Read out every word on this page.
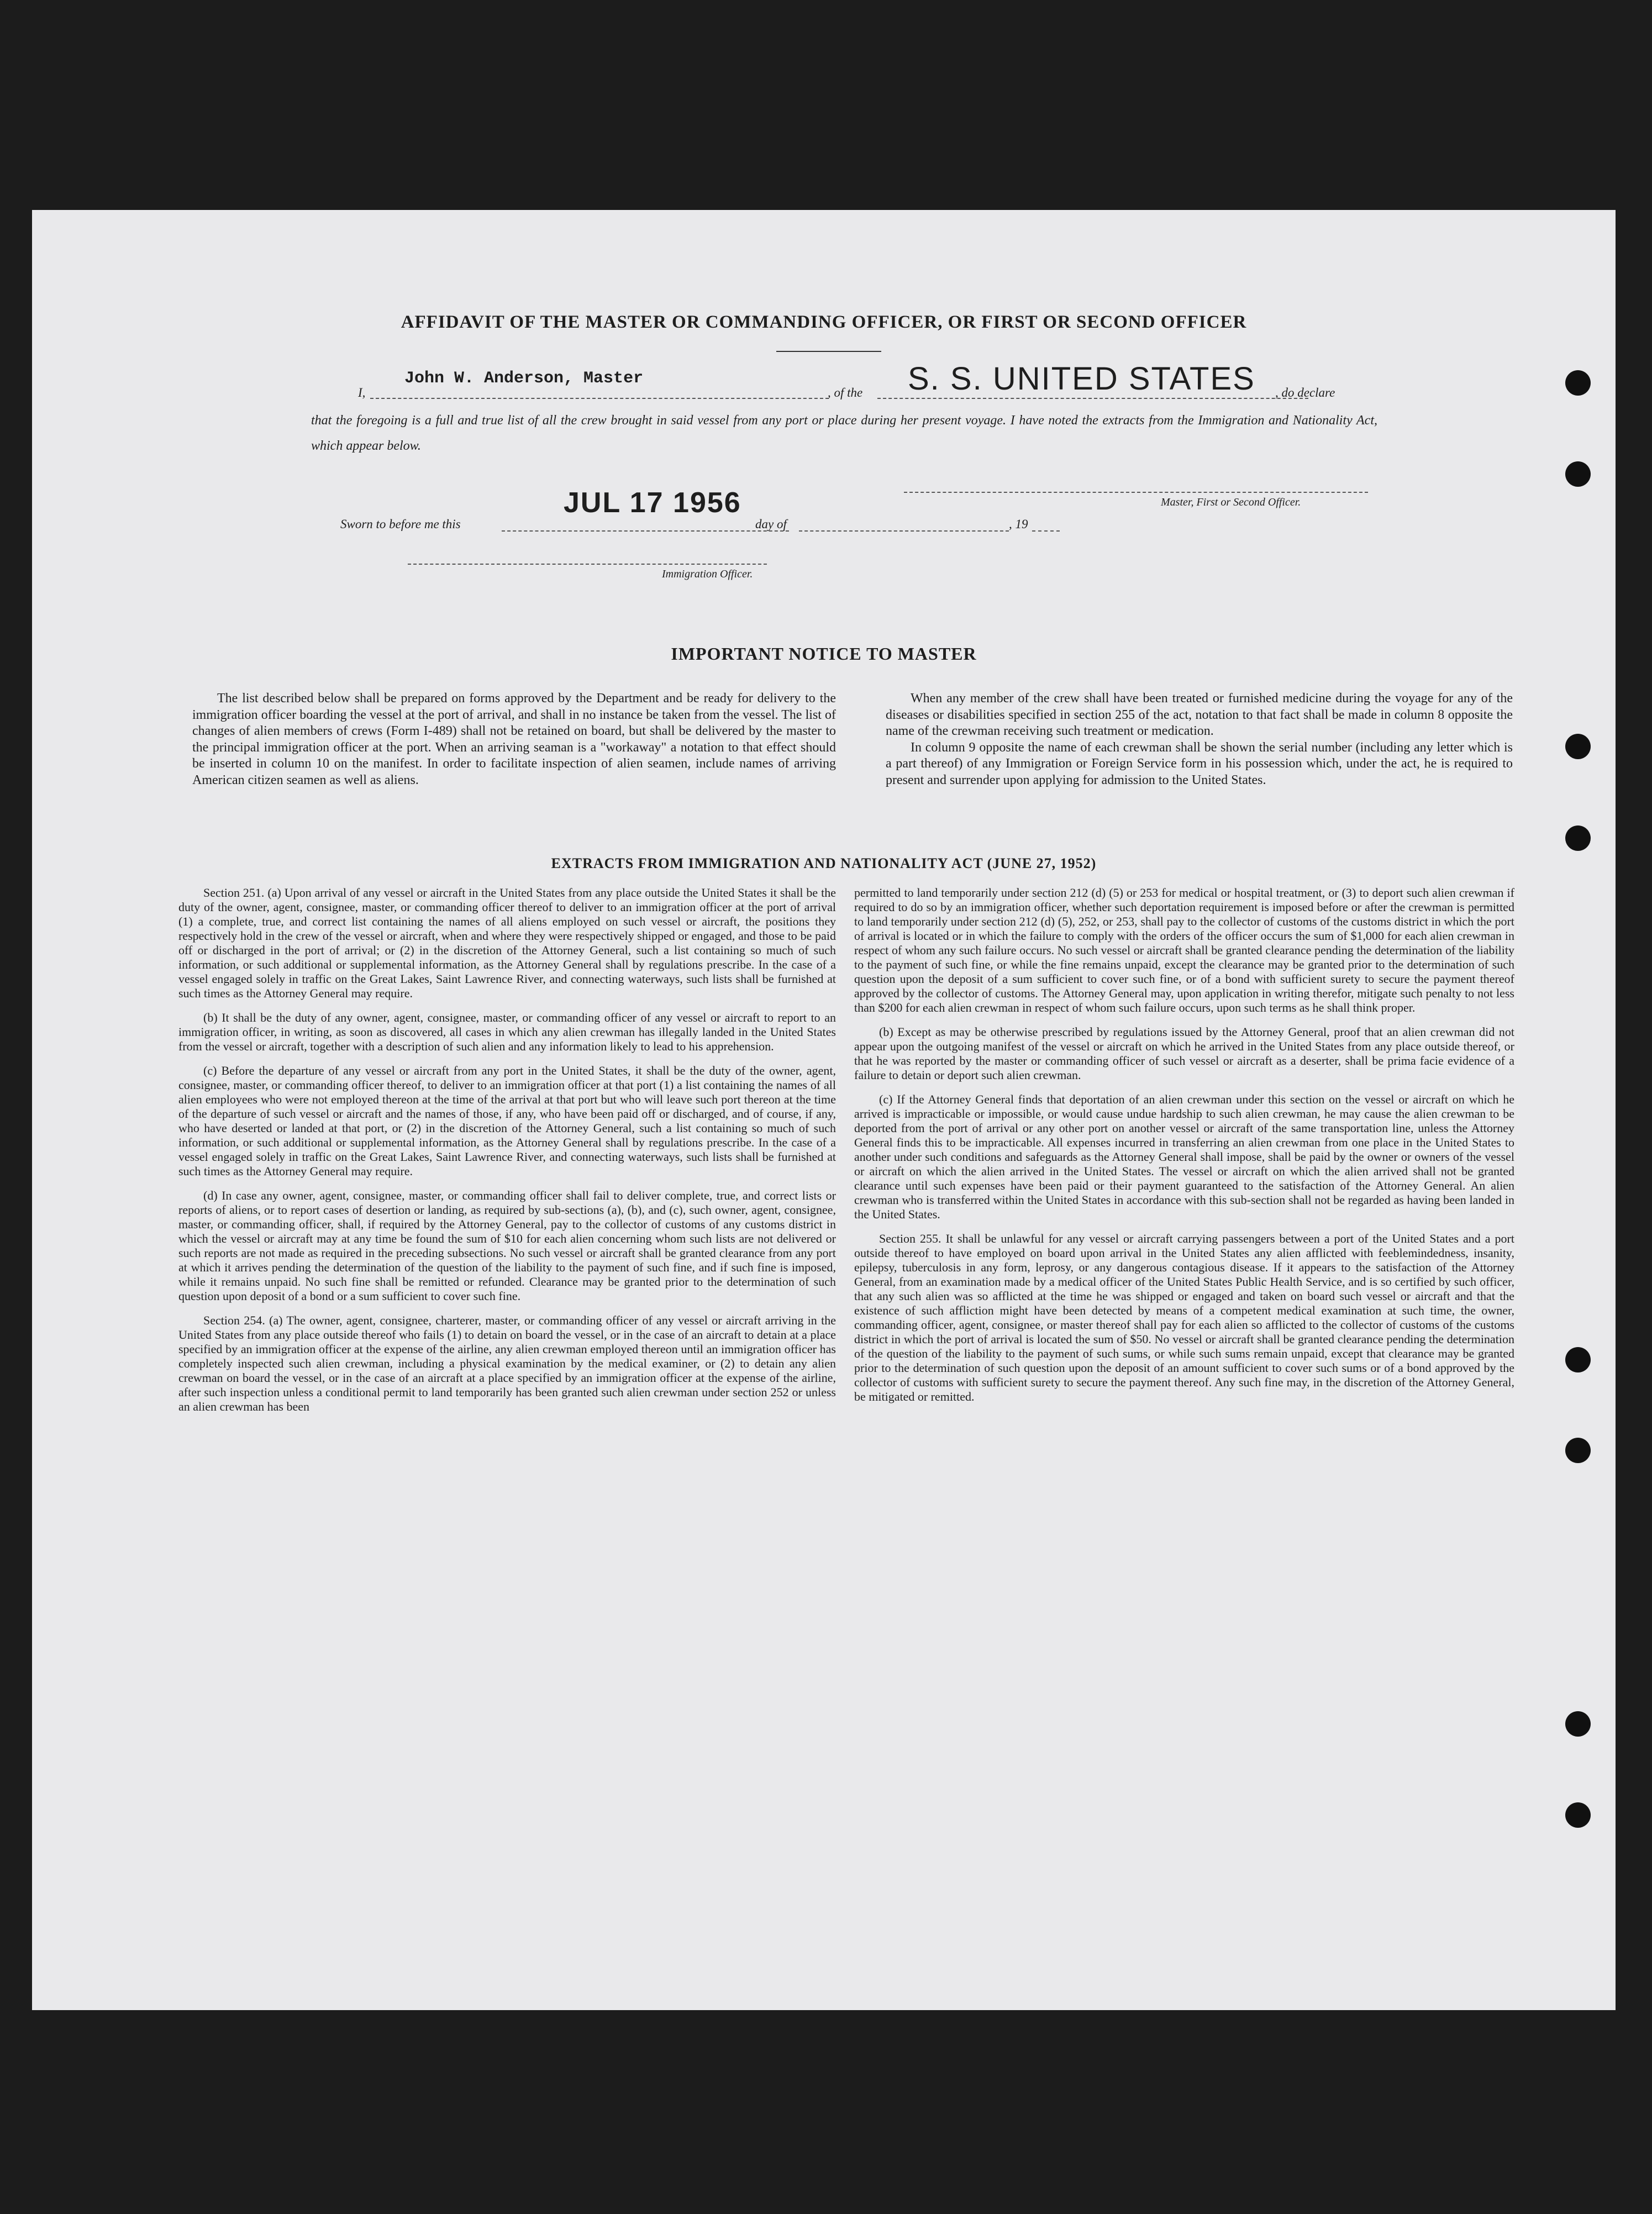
AFFIDAVIT OF THE MASTER OR COMMANDING OFFICER, OR FIRST OR SECOND OFFICER
I,
John W. Anderson, Master
, of the S. S. UNITED STATES , do declare
that the foregoing is a full and true list of all the crew brought in said vessel from any port or place during her present voyage. I have noted the extracts from the Immigration and Nationality Act, which appear below.
Master, First or Second Officer.
Sworn to before me this
JUL 17 1956
day of	, 19
Immigration Officer.
IMPORTANT NOTICE TO MASTER

The list described below shall be prepared on forms approved by the Department and be ready for delivery to the immigration officer boarding the vessel at the port of arrival, and shall in no instance be taken from the vessel. The list of changes of alien members of crews (Form I-489) shall not be retained on board, but shall be delivered by the master to the principal immigration officer at the port. When an arriving seaman is a "workaway" a notation to that effect should be inserted in column 10 on the manifest. In order to facilitate inspection of alien seamen, include names of arriving American citizen seamen as well as aliens.

When any member of the crew shall have been treated or furnished medicine during the voyage for any of the diseases or disabilities specified in section 255 of the act, notation to that fact shall be made in column 8 opposite the name of the crewman receiving such treatment or medication.

In column 9 opposite the name of each crewman shall be shown the serial number (including any letter which is a part thereof) of any Immigration or Foreign Service form in his possession which, under the act, he is required to present and surrender upon applying for admission to the United States.

EXTRACTS FROM IMMIGRATION AND NATIONALITY ACT (JUNE 27, 1952)

Section 251. (a) Upon arrival of any vessel or aircraft in the United States from any place outside the United States it shall be the duty of the owner, agent, consignee, master, or commanding officer thereof to deliver to an immigration officer at the port of arrival (1) a complete, true, and correct list containing the names of all aliens employed on such vessel or aircraft, the positions they respectively hold in the crew of the vessel or aircraft, when and where they were respectively shipped or engaged, and those to be paid off or discharged in the port of arrival; or (2) in the discretion of the Attorney General, such a list containing so much of such information, or such additional or supplemental information, as the Attorney General shall by regulations prescribe. In the case of a vessel engaged solely in traffic on the Great Lakes, Saint Lawrence River, and connecting waterways, such lists shall be furnished at such times as the Attorney General may require.

(b) It shall be the duty of any owner, agent, consignee, master, or commanding officer of any vessel or aircraft to report to an immigration officer, in writing, as soon as discovered, all cases in which any alien crewman has illegally landed in the United States from the vessel or aircraft, together with a description of such alien and any information likely to lead to his apprehension.

(c) Before the departure of any vessel or aircraft from any port in the United States, it shall be the duty of the owner, agent, consignee, master, or commanding officer thereof, to deliver to an immigration officer at that port (1) a list containing the names of all alien employees who were not employed thereon at the time of the arrival at that port but who will leave such port thereon at the time of the departure of such vessel or aircraft and the names of those, if any, who have been paid off or discharged, and of course, if any, who have deserted or landed at that port, or (2) in the discretion of the Attorney General, such a list containing so much of such information, or such additional or supplemental information, as the Attorney General shall by regulations prescribe. In the case of a vessel engaged solely in traffic on the Great Lakes, Saint Lawrence River, and connecting waterways, such lists shall be furnished at such times as the Attorney General may require.

(d) In case any owner, agent, consignee, master, or commanding officer shall fail to deliver complete, true, and correct lists or reports of aliens, or to report cases of desertion or landing, as required by sub-sections (a), (b), and (c), such owner, agent, consignee, master, or commanding officer, shall, if required by the Attorney General, pay to the collector of customs of any customs district in which the vessel or aircraft may at any time be found the sum of $10 for each alien concerning whom such lists are not delivered or such reports are not made as required in the preceding subsections. No such vessel or aircraft shall be granted clearance from any port at which it arrives pending the determination of the question of the liability to the payment of such fine, and if such fine is imposed, while it remains unpaid. No such fine shall be remitted or refunded. Clearance may be granted prior to the determination of such question upon deposit of a bond or a sum sufficient to cover such fine.

Section 254. (a) The owner, agent, consignee, charterer, master, or commanding officer of any vessel or aircraft arriving in the United States from any place outside thereof who fails (1) to detain on board the vessel, or in the case of an aircraft to detain at a place specified by an immigration officer at the expense of the airline, any alien crewman employed thereon until an immigration officer has completely inspected such alien crewman, including a physical examination by the medical examiner, or (2) to detain any alien crewman on board the vessel, or in the case of an aircraft at a place specified by an immigration officer at the expense of the airline, after such inspection unless a conditional permit to land temporarily has been granted such alien crewman under section 252 or unless an alien crewman has been

permitted to land temporarily under section 212 (d) (5) or 253 for medical or hospital treatment, or (3) to deport such alien crewman if required to do so by an immigration officer, whether such deportation requirement is imposed before or after the crewman is permitted to land temporarily under section 212 (d) (5), 252, or 253, shall pay to the collector of customs of the customs district in which the port of arrival is located or in which the failure to comply with the orders of the officer occurs the sum of $1,000 for each alien crewman in respect of whom any such failure occurs. No such vessel or aircraft shall be granted clearance pending the determination of the liability to the payment of such fine, or while the fine remains unpaid, except the clearance may be granted prior to the determination of such question upon the deposit of a sum sufficient to cover such fine, or of a bond with sufficient surety to secure the payment thereof approved by the collector of customs. The Attorney General may, upon application in writing therefor, mitigate such penalty to not less than $200 for each alien crewman in respect of whom such failure occurs, upon such terms as he shall think proper.

(b) Except as may be otherwise prescribed by regulations issued by the Attorney General, proof that an alien crewman did not appear upon the outgoing manifest of the vessel or aircraft on which he arrived in the United States from any place outside thereof, or that he was reported by the master or commanding officer of such vessel or aircraft as a deserter, shall be prima facie evidence of a failure to detain or deport such alien crewman.

(c) If the Attorney General finds that deportation of an alien crewman under this section on the vessel or aircraft on which he arrived is impracticable or impossible, or would cause undue hardship to such alien crewman, he may cause the alien crewman to be deported from the port of arrival or any other port on another vessel or aircraft of the same transportation line, unless the Attorney General finds this to be impracticable. All expenses incurred in transferring an alien crewman from one place in the United States to another under such conditions and safeguards as the Attorney General shall impose, shall be paid by the owner or owners of the vessel or aircraft on which the alien arrived in the United States. The vessel or aircraft on which the alien arrived shall not be granted clearance until such expenses have been paid or their payment guaranteed to the satisfaction of the Attorney General. An alien crewman who is transferred within the United States in accordance with this sub-section shall not be regarded as having been landed in the United States.

Section 255. It shall be unlawful for any vessel or aircraft carrying passengers between a port of the United States and a port outside thereof to have employed on board upon arrival in the United States any alien afflicted with feeblemindedness, insanity, epilepsy, tuberculosis in any form, leprosy, or any dangerous contagious disease. If it appears to the satisfaction of the Attorney General, from an examination made by a medical officer of the United States Public Health Service, and is so certified by such officer, that any such alien was so afflicted at the time he was shipped or engaged and taken on board such vessel or aircraft and that the existence of such affliction might have been detected by means of a competent medical examination at such time, the owner, commanding officer, agent, consignee, or master thereof shall pay for each alien so afflicted to the collector of customs of the customs district in which the port of arrival is located the sum of $50. No vessel or aircraft shall be granted clearance pending the determination of the question of the liability to the payment of such sums, or while such sums remain unpaid, except that clearance may be granted prior to the determination of such question upon the deposit of an amount sufficient to cover such sums or of a bond approved by the collector of customs with sufficient surety to secure the payment thereof. Any such fine may, in the discretion of the Attorney General, be mitigated or remitted.
